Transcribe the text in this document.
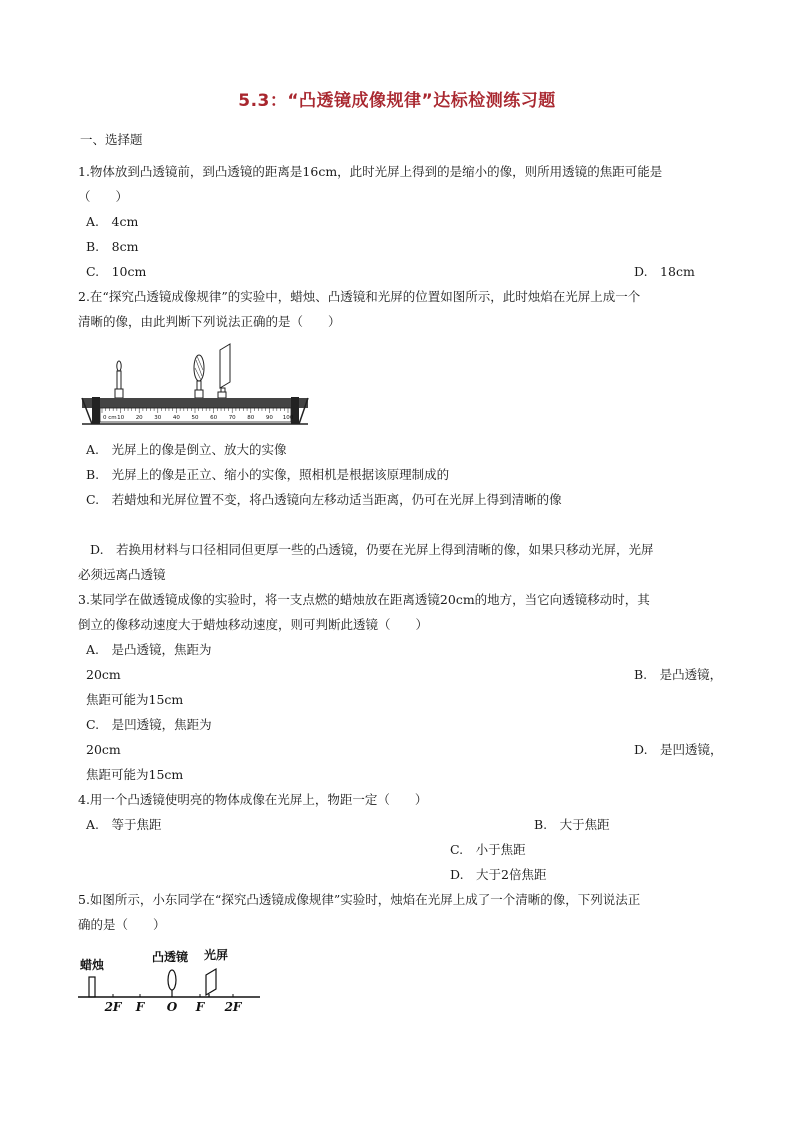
5.3：“凸透镜成像规律”达标检测练习题
一、选择题
1.物体放到凸透镜前，到凸透镜的距离是16cm，此时光屏上得到的是缩小的像，则所用透镜的焦距可能是
（　　）
A.　4cm
B.　8cm
C.　10cm	D.　18cm
2.在“探究凸透镜成像规律”的实验中，蜡烛、凸透镜和光屏的位置如图所示，此时烛焰在光屏上成一个
清晰的像，由此判断下列说法正确的是（　　）
0 cm 10 20 30 40 50 60 70 80 90 100
A.　光屏上的像是倒立、放大的实像
B.　光屏上的像是正立、缩小的实像，照相机是根据该原理制成的
C.　若蜡烛和光屏位置不变，将凸透镜向左移动适当距离，仍可在光屏上得到清晰的像
D.　若换用材料与口径相同但更厚一些的凸透镜，仍要在光屏上得到清晰的像，如果只移动光屏，光屏
必须远离凸透镜
3.某同学在做透镜成像的实验时，将一支点燃的蜡烛放在距离透镜20cm的地方，当它向透镜移动时，其
倒立的像移动速度大于蜡烛移动速度，则可判断此透镜（　　）
A.　是凸透镜，焦距为
20cm	B.　是凸透镜，
焦距可能为15cm
C.　是凹透镜，焦距为
20cm	D.　是凹透镜，
焦距可能为15cm
4.用一个凸透镜使明亮的物体成像在光屏上，物距一定（　　）
A.　等于焦距	B.　大于焦距
C.　小于焦距
D.　大于2倍焦距
5.如图所示，小东同学在“探究凸透镜成像规律”实验时，烛焰在光屏上成了一个清晰的像，下列说法正
确的是（　　）
蜡烛
凸透镜 光屏
2F F O F 2F
